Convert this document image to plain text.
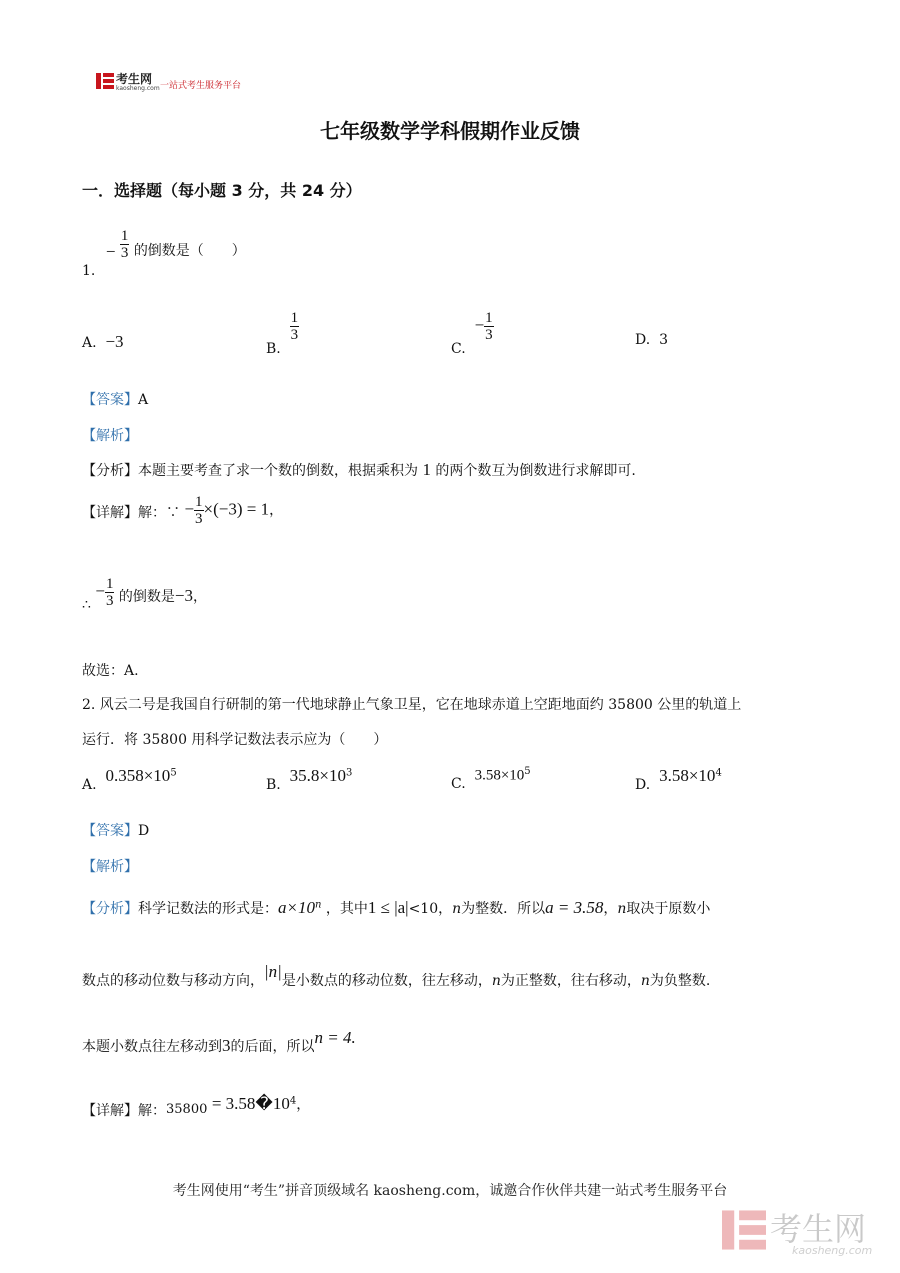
考生网
kaosheng.com 一站式考生服务平台
七年级数学学科假期作业反馈
一．选择题（每小题 3 分，共 24 分）
1. − $\frac{1}{3}$ 的倒数是（　　）
A. −3	B.
$\frac{1}{3}$
C.  − $\frac{1}{3}$	D. 3
【答案】A
【解析】
【分析】本题主要考查了求一个数的倒数，根据乘积为 1 的两个数互为倒数进行求解即可.
【详解】解：∵ − $\frac{1}{3} \times(-3) = 1$，
∴ − $\frac{1}{3}$ 的倒数是−3，
故选：A.
2. 风云二号是我国自行研制的第一代地球静止气象卫星，它在地球赤道上空距地面约 35800 公里的轨道上
运行．将 35800 用科学记数法表示应为（　　）
A. $0.358\times 10^5$
B. $35.8\times 10^3$
C. $3.58\times 10^5$
D. $3.58\times 10^4$
【答案】D
【解析】
【分析】科学记数法的形式是：$a\times 10^n$ ，其中1 ≤ |a|<10，n为整数．所以a = 3.58，n取决于原数小
数点的移动位数与移动方向，|n|是小数点的移动位数，往左移动，n为正整数，往右移动，n为负整数.
本题小数点往左移动到3的后面，所以n = 4.
【详解】解：$35800 = 3.58�10^4$，
考生网使用“考生”拼音顶级域名 kaosheng.com，诚邀合作伙伴共建一站式考生服务平台
考生网
kaosheng.com
